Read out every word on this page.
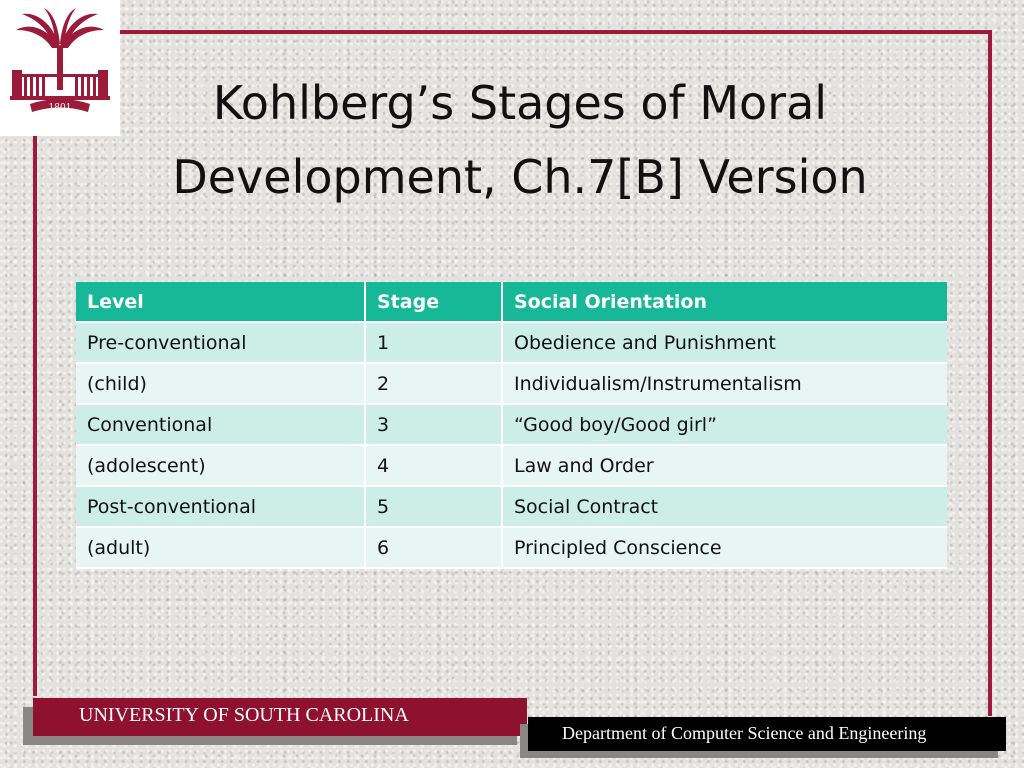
1801	Kohlberg’s Stages of Moral
Development, Ch.7[B] Version
Level	Stage	Social Orientation
Pre-conventional	1	Obedience and Punishment
(child)	2	Individualism/Instrumentalism
Conventional	3	“Good boy/Good girl”
(adolescent)	4	Law and Order
Post-conventional	5	Social Contract
(adult)	6	Principled Conscience
UNIVERSITY OF SOUTH CAROLINA
Department of Computer Science and Engineering
